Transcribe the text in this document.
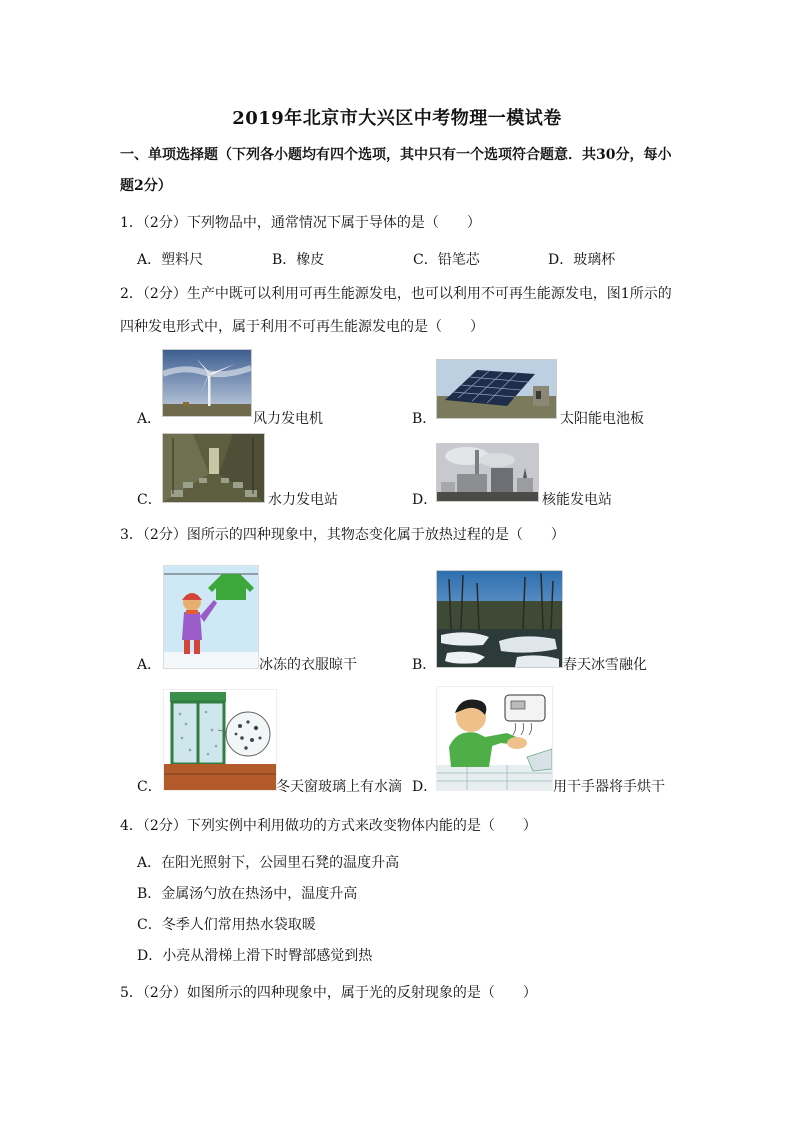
2019年北京市大兴区中考物理一模试卷
一、单项选择题（下列各小题均有四个选项，其中只有一个选项符合题意．共30分，每小
题2分）
1．（2分）下列物品中，通常情况下属于导体的是（　　）
A．塑料尺	B．橡皮	C．铅笔芯	D．玻璃杯
2．（2分）生产中既可以利用可再生能源发电，也可以利用不可再生能源发电，图1所示的
四种发电形式中，属于利用不可再生能源发电的是（　　）
A．	风力发电机	B．	太阳能电池板
C．	水力发电站	D．	核能发电站
3．（2分）图所示的四种现象中，其物态变化属于放热过程的是（　　）
A．	冰冻的衣服晾干	B．	春天冰雪融化
C．	冬天窗玻璃上有水滴 D．	用干手器将手烘干
4．（2分）下列实例中利用做功的方式来改变物体内能的是（　　）
A．在阳光照射下，公园里石凳的温度升高
B．金属汤勺放在热汤中，温度升高
C．冬季人们常用热水袋取暖
D．小亮从滑梯上滑下时臀部感觉到热
5．（2分）如图所示的四种现象中，属于光的反射现象的是（　　）
